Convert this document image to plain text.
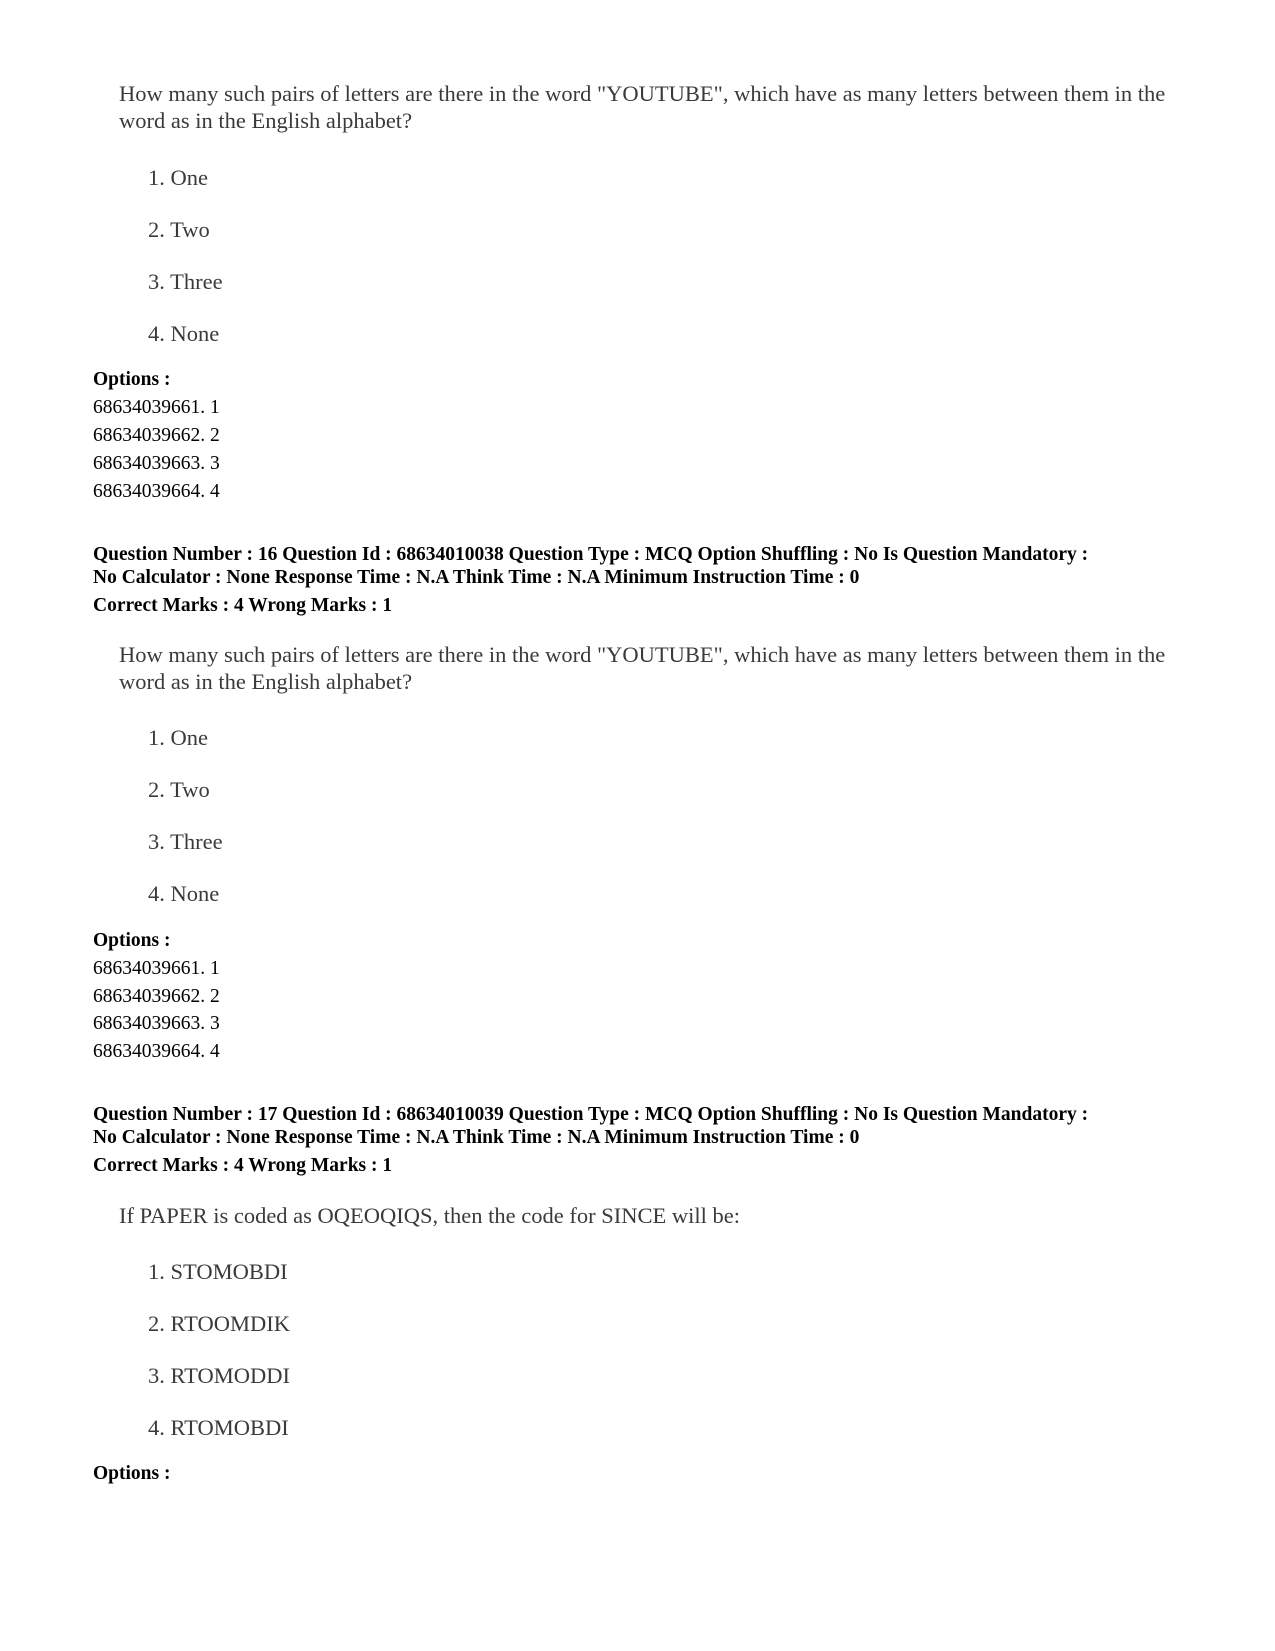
How many such pairs of letters are there in the word "YOUTUBE", which have as many letters between them in the word as in the English alphabet?

1. One

2. Two

3. Three

4. None

Options :

68634039661. 1

68634039662. 2

68634039663. 3

68634039664. 4

Question Number : 16 Question Id : 68634010038 Question Type : MCQ Option Shuffling : No Is Question Mandatory :

No Calculator : None Response Time : N.A Think Time : N.A Minimum Instruction Time : 0

Correct Marks : 4 Wrong Marks : 1

How many such pairs of letters are there in the word "YOUTUBE", which have as many letters between them in the word as in the English alphabet?

1. One

2. Two

3. Three

4. None

Options :

68634039661. 1

68634039662. 2

68634039663. 3

68634039664. 4

Question Number : 17 Question Id : 68634010039 Question Type : MCQ Option Shuffling : No Is Question Mandatory :

No Calculator : None Response Time : N.A Think Time : N.A Minimum Instruction Time : 0

Correct Marks : 4 Wrong Marks : 1

If PAPER is coded as OQEOQIQS, then the code for SINCE will be:

1. STOMOBDI

2. RTOOMDIK

3. RTOMODDI

4. RTOMOBDI

Options :
